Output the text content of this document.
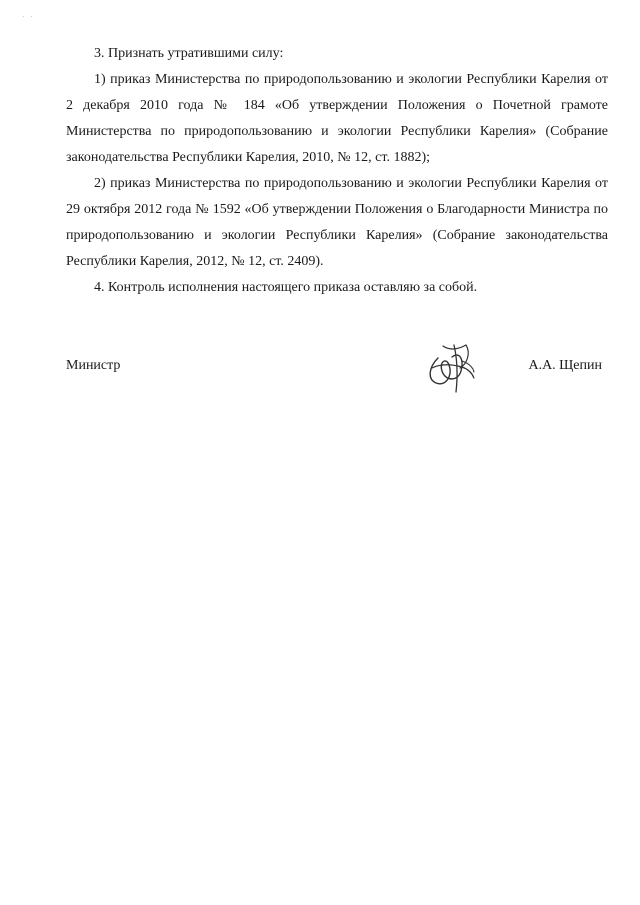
· ·

3. Признать утратившими силу:

1) приказ Министерства по природопользованию и экологии Республики Карелия от 2 декабря 2010 года № 184 «Об утверждении Положения о Почетной грамоте Министерства по природопользованию и экологии Республики Карелия» (Собрание законодательства Республики Карелия, 2010, № 12, ст. 1882);

2) приказ Министерства по природопользованию и экологии Республики Карелия от 29 октября 2012 года № 1592 «Об утверждении Положения о Благодарности Министра по природопользованию и экологии Республики Карелия» (Собрание законодательства Республики Карелия, 2012, № 12, ст. 2409).

4. Контроль исполнения настоящего приказа оставляю за собой.

Министр	А.А. Щепин
